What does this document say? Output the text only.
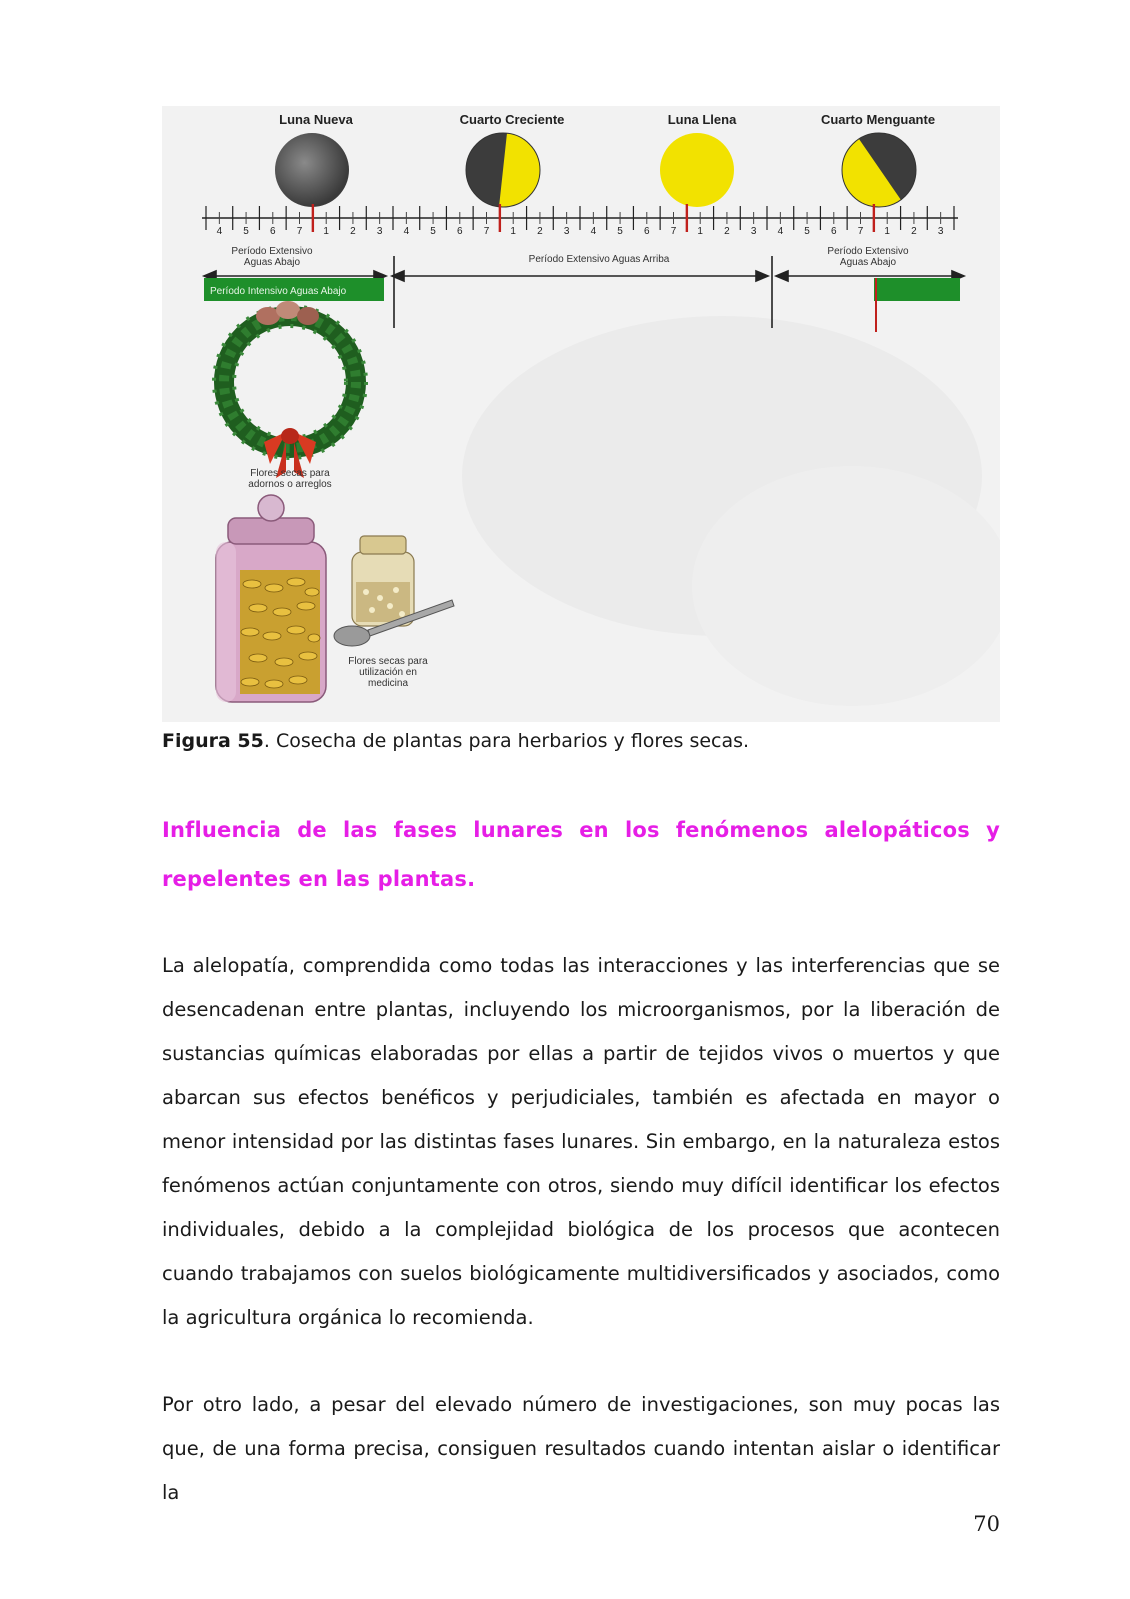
Luna Nueva	Cuarto Creciente	Luna Llena	Cuarto Menguante
4 5 6 7 1 2 3 4 5 6 7 1 2 3 4 5 6 7 1 2 3 4 5 6 7 1 2 3
Período Extensivo Aguas Abajo	Período Extensivo Aguas Arriba
Período Extensivo Aguas Abajo
Período Intensivo Aguas Abajo
Flores secas para adornos o arreglos
Flores secas para utilización en medicina
Figura 55. Cosecha de plantas para herbarios y flores secas.
Influencia de las fases lunares en los fenómenos alelopáticos y repelentes en las plantas.
La alelopatía, comprendida como todas las interacciones y las interferencias que se desencadenan entre plantas, incluyendo los microorganismos, por la liberación de sustancias químicas elaboradas por ellas a partir de tejidos vivos o muertos y que abarcan sus efectos benéficos y perjudiciales, también es afectada en mayor o menor intensidad por las distintas fases lunares. Sin embargo, en la naturaleza estos fenómenos actúan conjuntamente con otros, siendo muy difícil identificar los efectos individuales, debido a la complejidad biológica de los procesos que acontecen cuando trabajamos con suelos biológicamente multidiversificados y asociados, como la agricultura orgánica lo recomienda.
Por otro lado, a pesar del elevado número de investigaciones, son muy pocas las que, de una forma precisa, consiguen resultados cuando intentan aislar o identificar la
70
